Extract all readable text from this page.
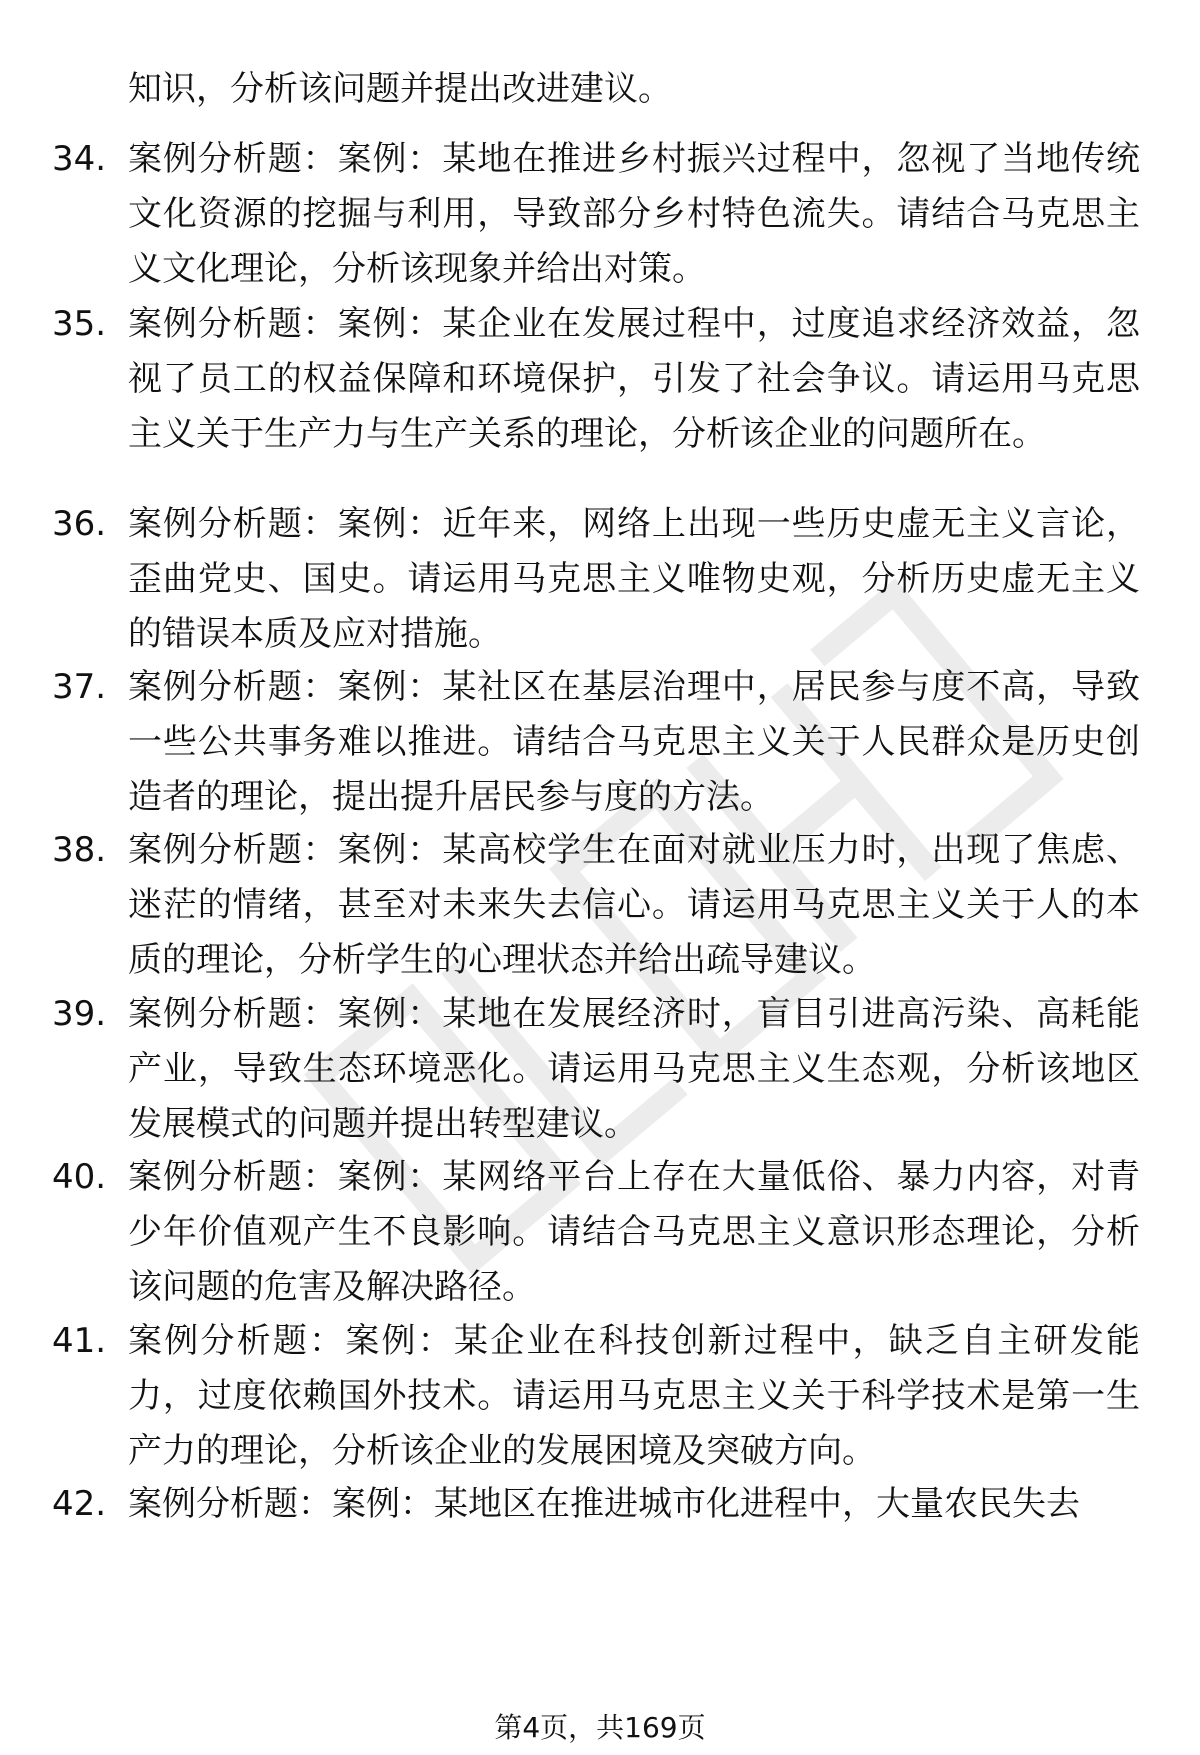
知识，分析该问题并提出改进建议。

34. 案例分析题：案例：某地在推进乡村振兴过程中，忽视了当地传统文化资源的挖掘与利用，导致部分乡村特色流失。请结合马克思主义文化理论，分析该现象并给出对策。

35. 案例分析题：案例：某企业在发展过程中，过度追求经济效益，忽视了员工的权益保障和环境保护，引发了社会争议。请运用马克思主义关于生产力与生产关系的理论，分析该企业的问题所在。

36. 案例分析题：案例：近年来，网络上出现一些历史虚无主义言论，歪曲党史、国史。请运用马克思主义唯物史观，分析历史虚无主义的错误本质及应对措施。

37. 案例分析题：案例：某社区在基层治理中，居民参与度不高，导致一些公共事务难以推进。请结合马克思主义关于人民群众是历史创造者的理论，提出提升居民参与度的方法。

38. 案例分析题：案例：某高校学生在面对就业压力时，出现了焦虑、迷茫的情绪，甚至对未来失去信心。请运用马克思主义关于人的本质的理论，分析学生的心理状态并给出疏导建议。

39. 案例分析题：案例：某地在发展经济时，盲目引进高污染、高耗能产业，导致生态环境恶化。请运用马克思主义生态观，分析该地区发展模式的问题并提出转型建议。

40. 案例分析题：案例：某网络平台上存在大量低俗、暴力内容，对青少年价值观产生不良影响。请结合马克思主义意识形态理论，分析该问题的危害及解决路径。

41. 案例分析题：案例：某企业在科技创新过程中，缺乏自主研发能力，过度依赖国外技术。请运用马克思主义关于科学技术是第一生产力的理论，分析该企业的发展困境及突破方向。

42. 案例分析题：案例：某地区在推进城市化进程中，大量农民失去

第4页，共169页
